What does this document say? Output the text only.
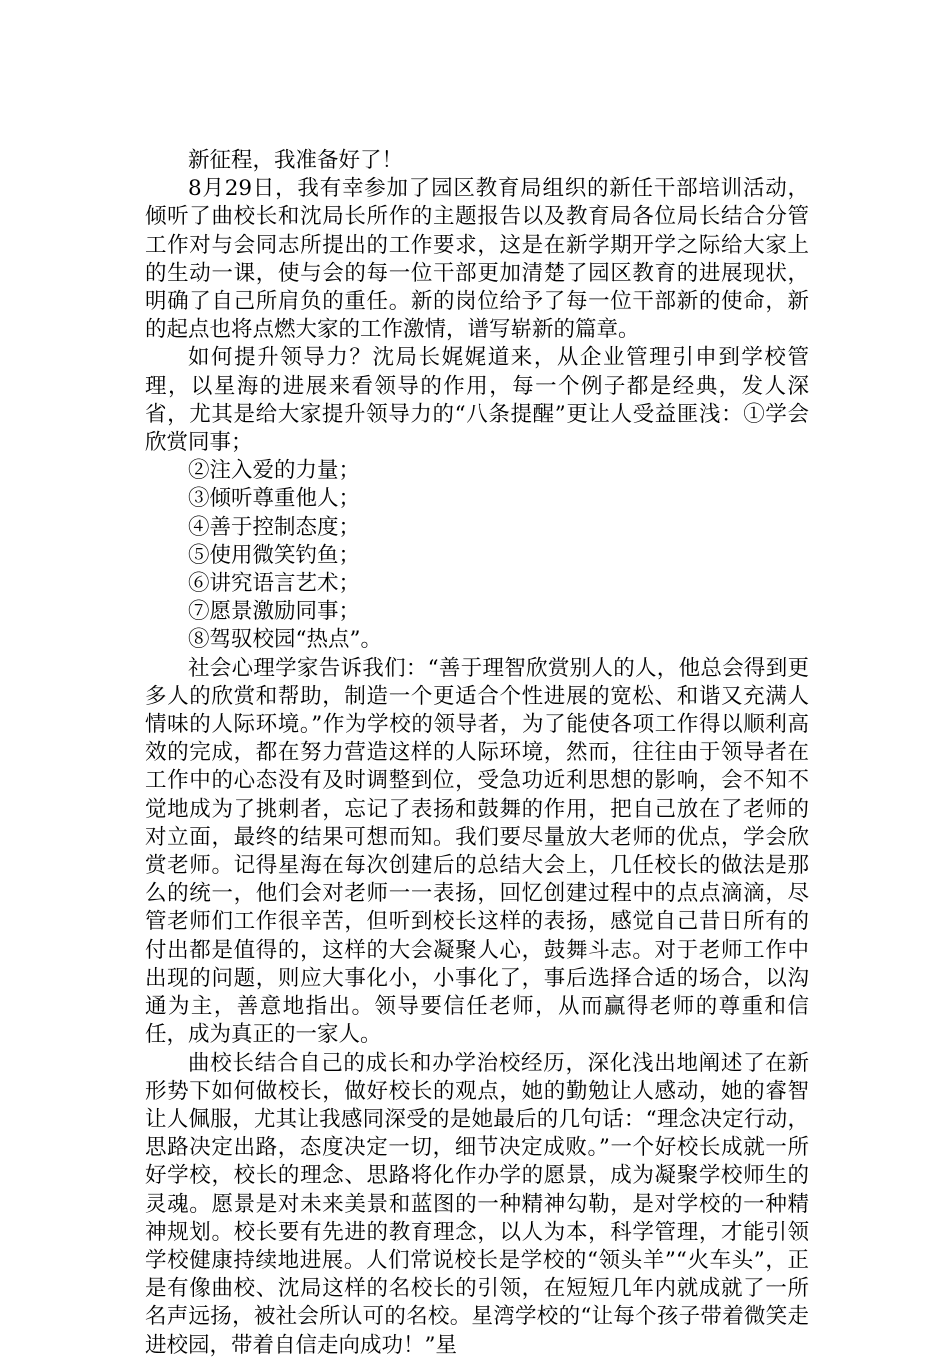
新征程，我准备好了！

8月29日，我有幸参加了园区教育局组织的新任干部培训活动，倾听了曲校长和沈局长所作的主题报告以及教育局各位局长结合分管工作对与会同志所提出的工作要求，这是在新学期开学之际给大家上的生动一课，使与会的每一位干部更加清楚了园区教育的进展现状，明确了自己所肩负的重任。新的岗位给予了每一位干部新的使命，新的起点也将点燃大家的工作激情，谱写崭新的篇章。

如何提升领导力？沈局长娓娓道来，从企业管理引申到学校管理，以星海的进展来看领导的作用，每一个例子都是经典，发人深省，尤其是给大家提升领导力的“八条提醒”更让人受益匪浅：①学会欣赏同事；

②注入爱的力量；

③倾听尊重他人；

④善于控制态度；

⑤使用微笑钓鱼；

⑥讲究语言艺术；

⑦愿景激励同事；

⑧驾驭校园“热点”。

社会心理学家告诉我们：“善于理智欣赏别人的人，他总会得到更多人的欣赏和帮助，制造一个更适合个性进展的宽松、和谐又充满人情味的人际环境。”作为学校的领导者，为了能使各项工作得以顺利高效的完成，都在努力营造这样的人际环境，然而，往往由于领导者在工作中的心态没有及时调整到位，受急功近利思想的影响，会不知不觉地成为了挑刺者，忘记了表扬和鼓舞的作用，把自己放在了老师的对立面，最终的结果可想而知。我们要尽量放大老师的优点，学会欣赏老师。记得星海在每次创建后的总结大会上，几任校长的做法是那么的统一，他们会对老师一一表扬，回忆创建过程中的点点滴滴，尽管老师们工作很辛苦，但听到校长这样的表扬，感觉自己昔日所有的付出都是值得的，这样的大会凝聚人心，鼓舞斗志。对于老师工作中出现的问题，则应大事化小，小事化了，事后选择合适的场合，以沟通为主，善意地指出。领导要信任老师，从而赢得老师的尊重和信任，成为真正的一家人。

曲校长结合自己的成长和办学治校经历，深化浅出地阐述了在新形势下如何做校长，做好校长的观点，她的勤勉让人感动，她的睿智让人佩服，尤其让我感同深受的是她最后的几句话：“理念决定行动，思路决定出路，态度决定一切，细节决定成败。”一个好校长成就一所好学校，校长的理念、思路将化作办学的愿景，成为凝聚学校师生的灵魂。愿景是对未来美景和蓝图的一种精神勾勒，是对学校的一种精神规划。校长要有先进的教育理念，以人为本，科学管理，才能引领学校健康持续地进展。人们常说校长是学校的“领头羊”“火车头”，正是有像曲校、沈局这样的名校长的引领，在短短几年内就成就了一所名声远扬，被社会所认可的名校。星湾学校的“让每个孩子带着微笑走进校园，带着自信走向成功！”星
